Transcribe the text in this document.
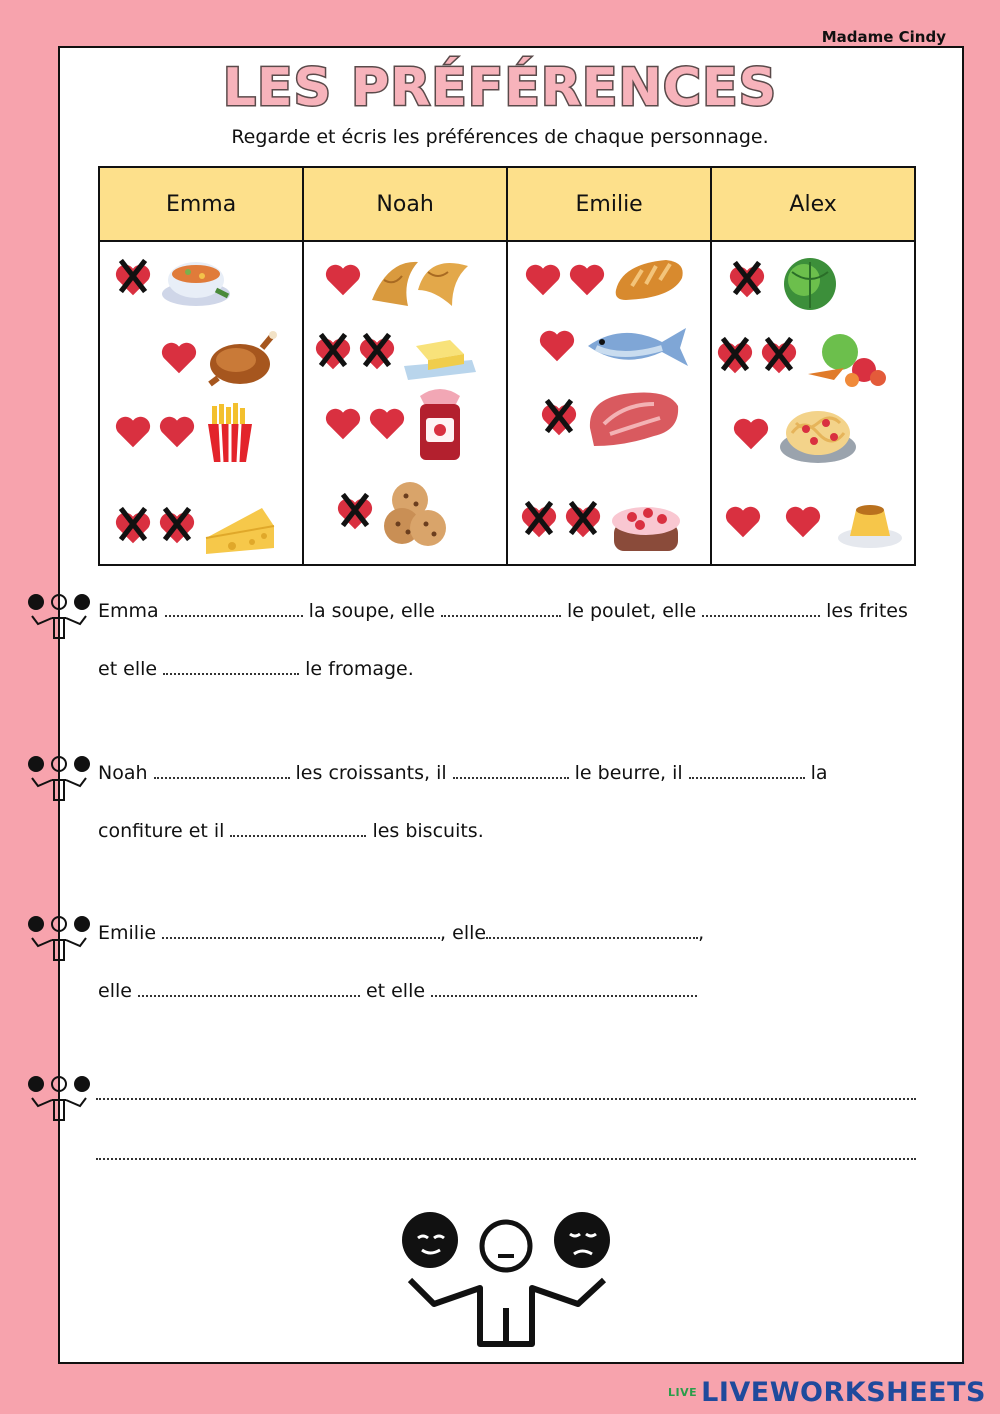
Madame Cindy
LES PRÉFÉRENCES
Regarde et écris les préférences de chaque personnage.
Emma	Noah	Emilie	Alex

Emma	la soupe, elle	le poulet, elle	les frites
et elle	le fromage.
Noah	les croissants, il	le beurre, il	la
confiture et il	les biscuits.
Emilie	, elle	,
elle	et elle
LIVE LIVEWORKSHEETS
